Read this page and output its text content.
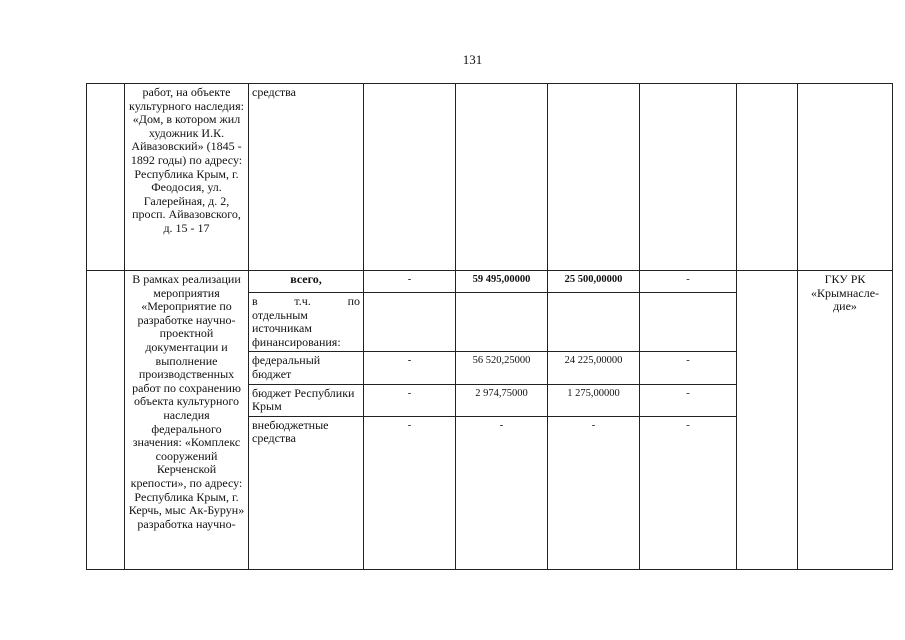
131
	работ, на объекте культурного наследия: «Дом, в котором жил художник И.К. Айвазовский» (1845 - 1892 годы) по адресу: Республика Крым, г. Феодосия, ул. Галерейная, д. 2, просп. Айвазовского, д. 15 - 17	средства						
	В рамках реализации мероприятия «Мероприятие по разработке научно-проектной документации и выполнение производственных работ по сохранению объекта культурного наследия федерального значения: «Комплекс сооружений Керченской крепости», по адресу: Республика Крым, г. Керчь, мыс Ак-Бурун» разработка научно-	всего,	-	59 495,00000	25 500,00000	-		ГКУ РК «Крымнасле-дие»

		в т.ч. по
отдельным источникам финансирования:						

		федеральный бюджет	-	56 520,25000	24 225,00000	-		
		бюджет Республики Крым	-	2 974,75000	1 275,00000	-		
		внебюджетные средства	-	-	-	-		
